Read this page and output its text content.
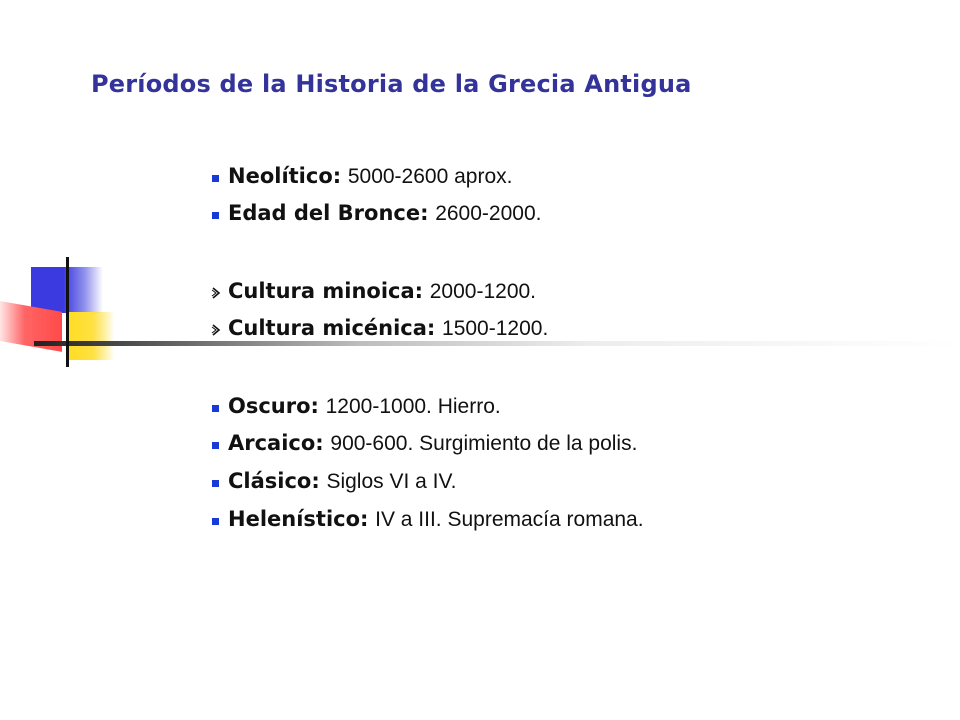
Períodos de la Historia de la Grecia Antigua
Neolítico: 5000-2600 aprox.
Edad del Bronce: 2600-2000.
Cultura minoica: 2000-1200.
Cultura micénica: 1500-1200.
Oscuro: 1200-1000. Hierro.
Arcaico: 900-600. Surgimiento de la polis.
Clásico: Siglos VI a IV.
Helenístico: IV a III. Supremacía romana.
